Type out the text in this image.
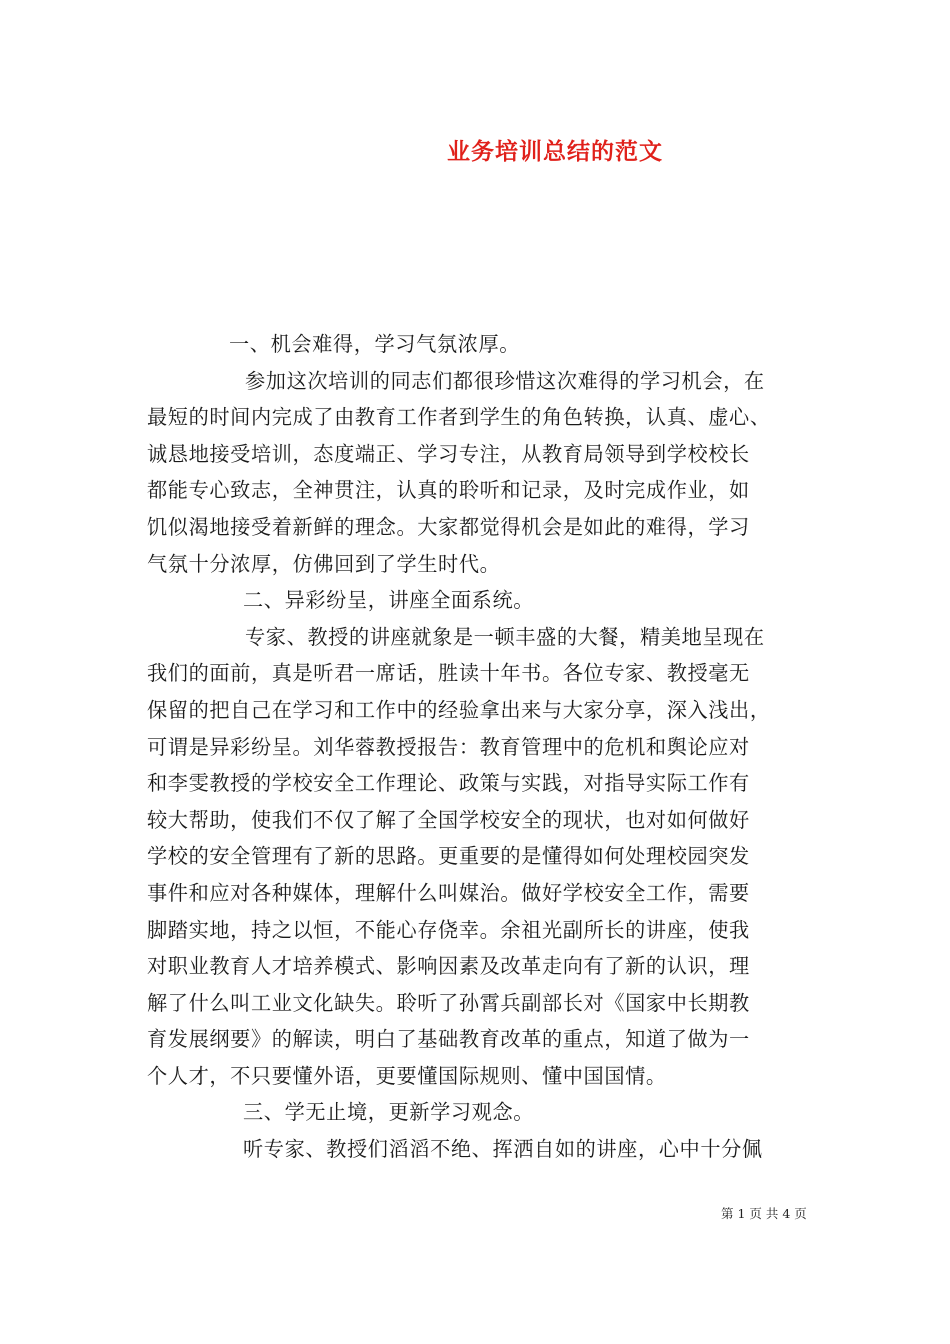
业务培训总结的范文
一、机会难得，学习气氛浓厚。
参加这次培训的同志们都很珍惜这次难得的学习机会，在
最短的时间内完成了由教育工作者到学生的角色转换，认真、虚心、
诚恳地接受培训，态度端正、学习专注，从教育局领导到学校校长
都能专心致志，全神贯注，认真的聆听和记录，及时完成作业，如
饥似渴地接受着新鲜的理念。大家都觉得机会是如此的难得，学习
气氛十分浓厚，仿佛回到了学生时代。
二、异彩纷呈，讲座全面系统。
专家、教授的讲座就象是一顿丰盛的大餐，精美地呈现在
我们的面前，真是听君一席话，胜读十年书。各位专家、教授毫无
保留的把自己在学习和工作中的经验拿出来与大家分享，深入浅出，
可谓是异彩纷呈。刘华蓉教授报告：教育管理中的危机和舆论应对
和李雯教授的学校安全工作理论、政策与实践，对指导实际工作有
较大帮助，使我们不仅了解了全国学校安全的现状，也对如何做好
学校的安全管理有了新的思路。更重要的是懂得如何处理校园突发
事件和应对各种媒体，理解什么叫媒治。做好学校安全工作，需要
脚踏实地，持之以恒，不能心存侥幸。余祖光副所长的讲座，使我
对职业教育人才培养模式、影响因素及改革走向有了新的认识，理
解了什么叫工业文化缺失。聆听了孙霄兵副部长对《国家中长期教
育发展纲要》的解读，明白了基础教育改革的重点，知道了做为一
个人才，不只要懂外语，更要懂国际规则、懂中国国情。
三、学无止境，更新学习观念。
听专家、教授们滔滔不绝、挥洒自如的讲座，心中十分佩
第 1 页 共 4 页
